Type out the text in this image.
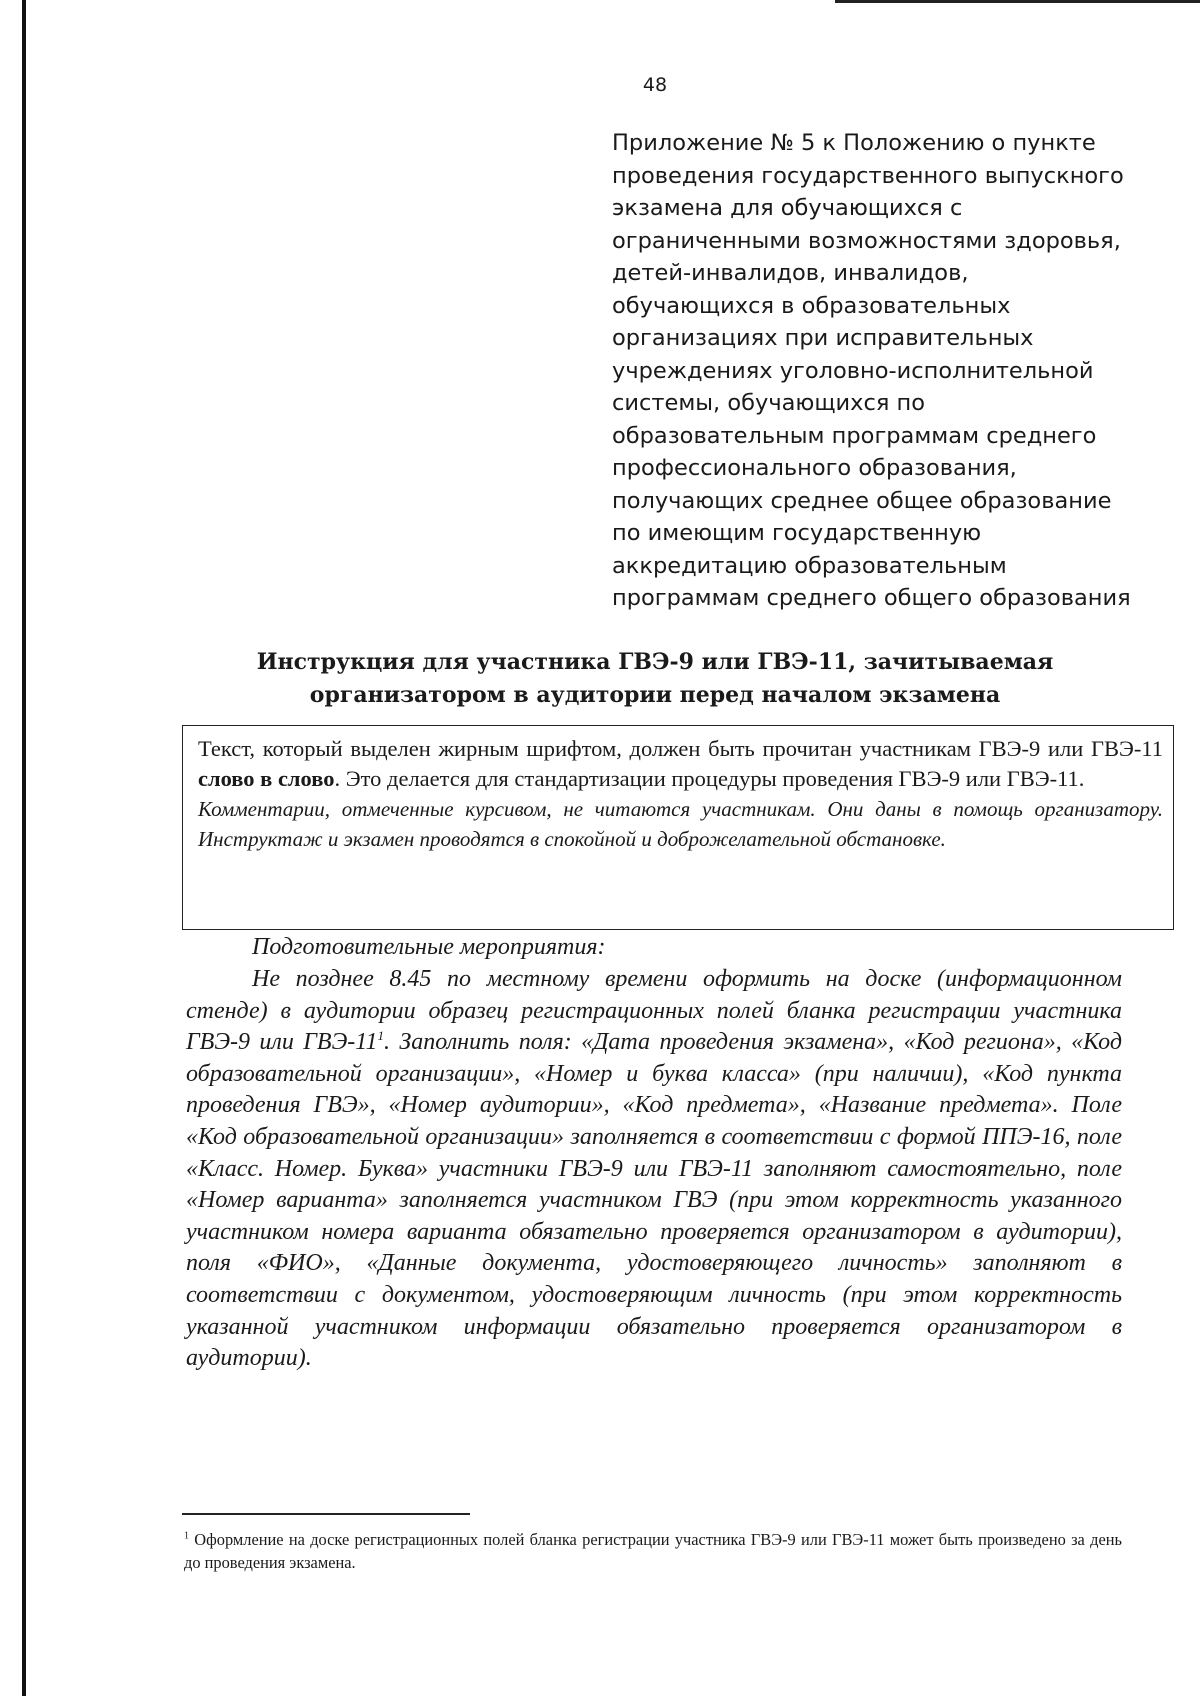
48
Приложение № 5 к Положению о пункте
проведения государственного выпускного
экзамена для обучающихся с
ограниченными возможностями здоровья,
детей-инвалидов, инвалидов,
обучающихся в образовательных
организациях при исправительных
учреждениях уголовно-исполнительной
системы, обучающихся по
образовательным программам среднего
профессионального образования,
получающих среднее общее образование
по имеющим государственную
аккредитацию образовательным
программам среднего общего образования
Инструкция для участника ГВЭ-9 или ГВЭ-11, зачитываемая
организатором в аудитории перед началом экзамена
Текст, который выделен жирным шрифтом, должен быть прочитан участникам ГВЭ-9 или ГВЭ-11 слово в слово. Это делается для стандартизации процедуры проведения ГВЭ-9 или ГВЭ-11.
Комментарии, отмеченные курсивом, не читаются участникам. Они даны в помощь организатору. Инструктаж и экзамен проводятся в спокойной и доброжелательной обстановке.
Подготовительные мероприятия:
Не позднее 8.45 по местному времени оформить на доске (информационном стенде) в аудитории образец регистрационных полей бланка регистрации участника ГВЭ-9 или ГВЭ-$11^1$. Заполнить поля: «Дата проведения экзамена», «Код региона», «Код образовательной организации», «Номер и буква класса» (при наличии), «Код пункта проведения ГВЭ», «Номер аудитории», «Код предмета», «Название предмета». Поле «Код образовательной организации» заполняется в соответствии с формой ППЭ-16, поле «Класс. Номер. Буква» участники ГВЭ-9 или ГВЭ-11 заполняют самостоятельно, поле «Номер варианта» заполняется участником ГВЭ (при этом корректность указанного участником номера варианта обязательно проверяется организатором в аудитории), поля «ФИО», «Данные документа, удостоверяющего личность» заполняют в соответствии с документом, удостоверяющим личность (при этом корректность указанной участником информации обязательно проверяется организатором в аудитории).
$^1$ Оформление на доске регистрационных полей бланка регистрации участника ГВЭ-9 или ГВЭ-11 может быть произведено за день до проведения экзамена.
